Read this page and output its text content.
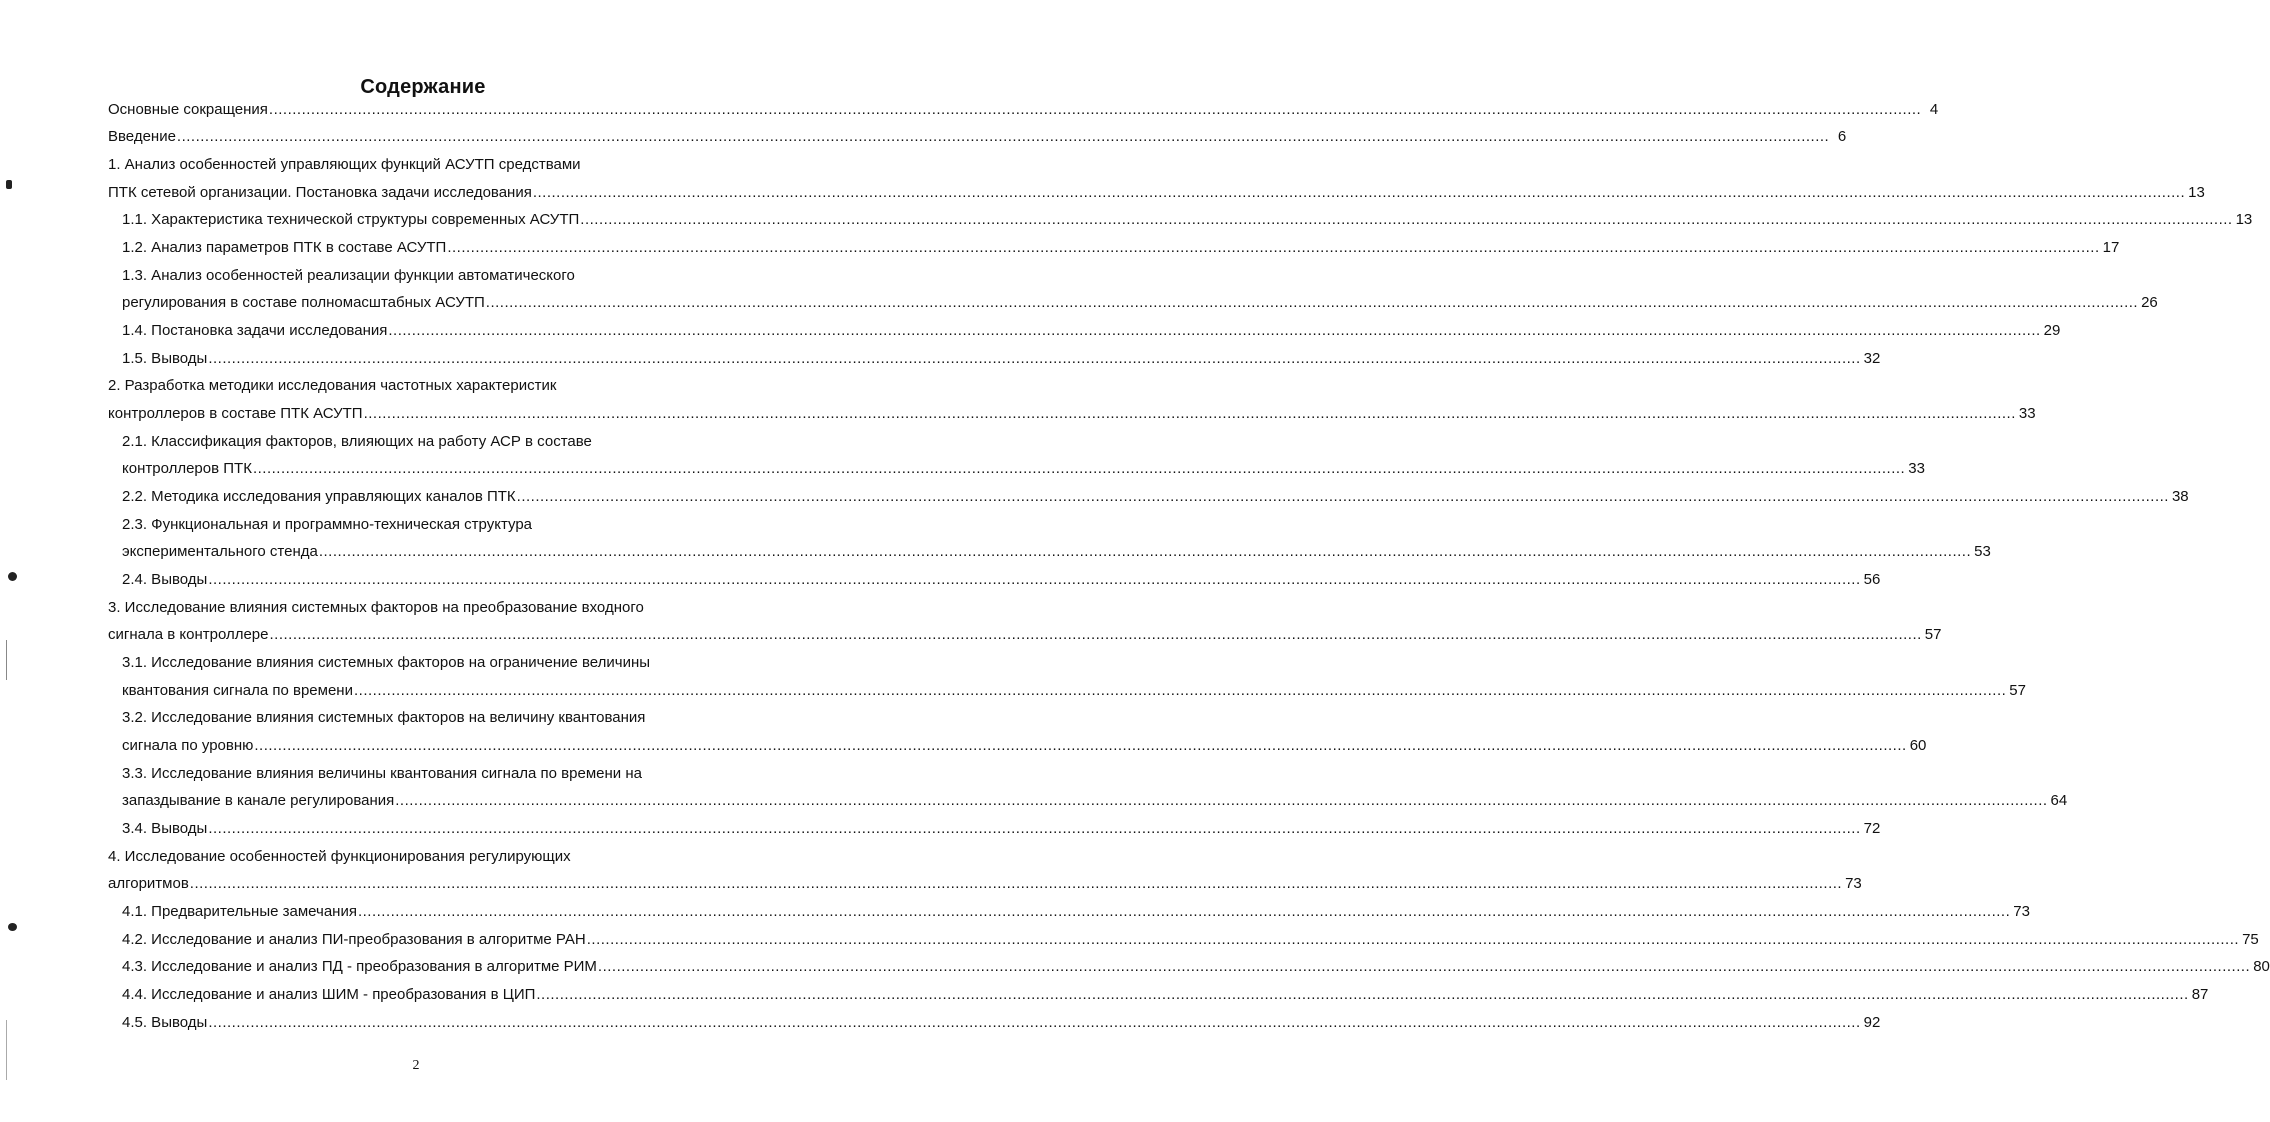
Содержание
Основные сокращения .....	4
Введение .....	6
1. Анализ особенностей управляющих функций АСУТП средствами
ПТК сетевой организации. Постановка задачи исследования .....	13
1.1. Характеристика технической структуры современных АСУТП .....	13
1.2. Анализ параметров ПТК в составе АСУТП .....	17
1.3. Анализ особенностей реализации функции автоматического
регулирования в составе полномасштабных АСУТП .....	26
1.4. Постановка задачи исследования .....	29
1.5. Выводы .....	32
2. Разработка методики исследования частотных характеристик
контроллеров в составе ПТК АСУТП .....	33
2.1. Классификация факторов, влияющих на работу АСР в составе
контроллеров ПТК .....	33
2.2. Методика исследования управляющих каналов ПТК .....	38
2.3. Функциональная и программно-техническая структура
экспериментального стенда .....	53
2.4. Выводы .....	56
3. Исследование влияния системных факторов на преобразование входного
сигнала в контроллере .....	57
3.1. Исследование влияния системных факторов на ограничение величины
квантования сигнала по времени .....	57
3.2. Исследование влияния системных факторов на величину квантования
сигнала по уровню .....	60
3.3. Исследование влияния величины квантования сигнала по времени на
запаздывание в канале регулирования .....	64
3.4. Выводы .....	72
4. Исследование особенностей функционирования регулирующих
алгоритмов .....	73
4.1. Предварительные замечания .....	73
4.2. Исследование и анализ ПИ-преобразования в алгоритме РАН .....	75
4.3. Исследование и анализ ПД - преобразования в алгоритме РИМ .....	80
4.4. Исследование и анализ ШИМ - преобразования в ЦИП .....	87
4.5. Выводы .....	92
2
